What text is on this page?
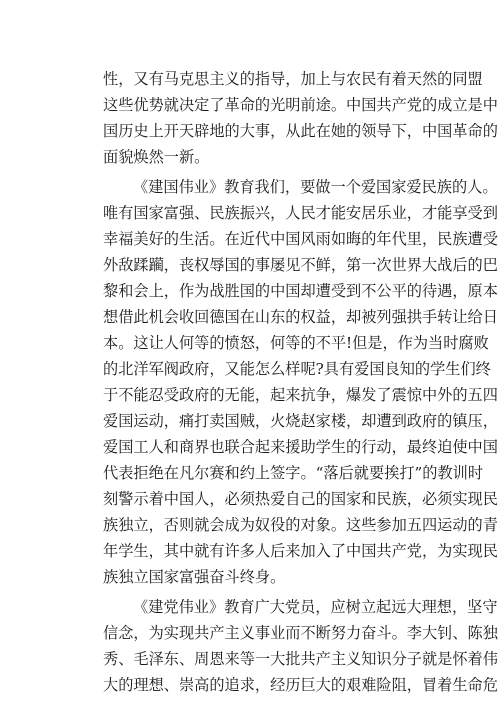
性，又有马克思主义的指导，加上与农民有着天然的同盟
这些优势就决定了革命的光明前途。中国共产党的成立是中
国历史上开天辟地的大事，从此在她的领导下，中国革命的
面貌焕然一新。
《建国伟业》教育我们，要做一个爱国家爱民族的人。
唯有国家富强、民族振兴，人民才能安居乐业，才能享受到
幸福美好的生活。在近代中国风雨如晦的年代里，民族遭受
外敌蹂躏，丧权辱国的事屡见不鲜，第一次世界大战后的巴
黎和会上，作为战胜国的中国却遭受到不公平的待遇，原本
想借此机会收回德国在山东的权益，却被列强拱手转让给日
本。这让人何等的愤怒，何等的不平!但是，作为当时腐败
的北洋军阀政府，又能怎么样呢?具有爱国良知的学生们终
于不能忍受政府的无能，起来抗争，爆发了震惊中外的五四
爱国运动，痛打卖国贼，火烧赵家楼，却遭到政府的镇压，
爱国工人和商界也联合起来援助学生的行动，最终迫使中国
代表拒绝在凡尔赛和约上签字。“落后就要挨打”的教训时
刻警示着中国人，必须热爱自己的国家和民族，必须实现民
族独立，否则就会成为奴役的对象。这些参加五四运动的青
年学生，其中就有许多人后来加入了中国共产党，为实现民
族独立国家富强奋斗终身。
《建党伟业》教育广大党员，应树立起远大理想，坚守
信念，为实现共产主义事业而不断努力奋斗。李大钊、陈独
秀、毛泽东、周恩来等一大批共产主义知识分子就是怀着伟
大的理想、崇高的追求，经历巨大的艰难险阻，冒着生命危
